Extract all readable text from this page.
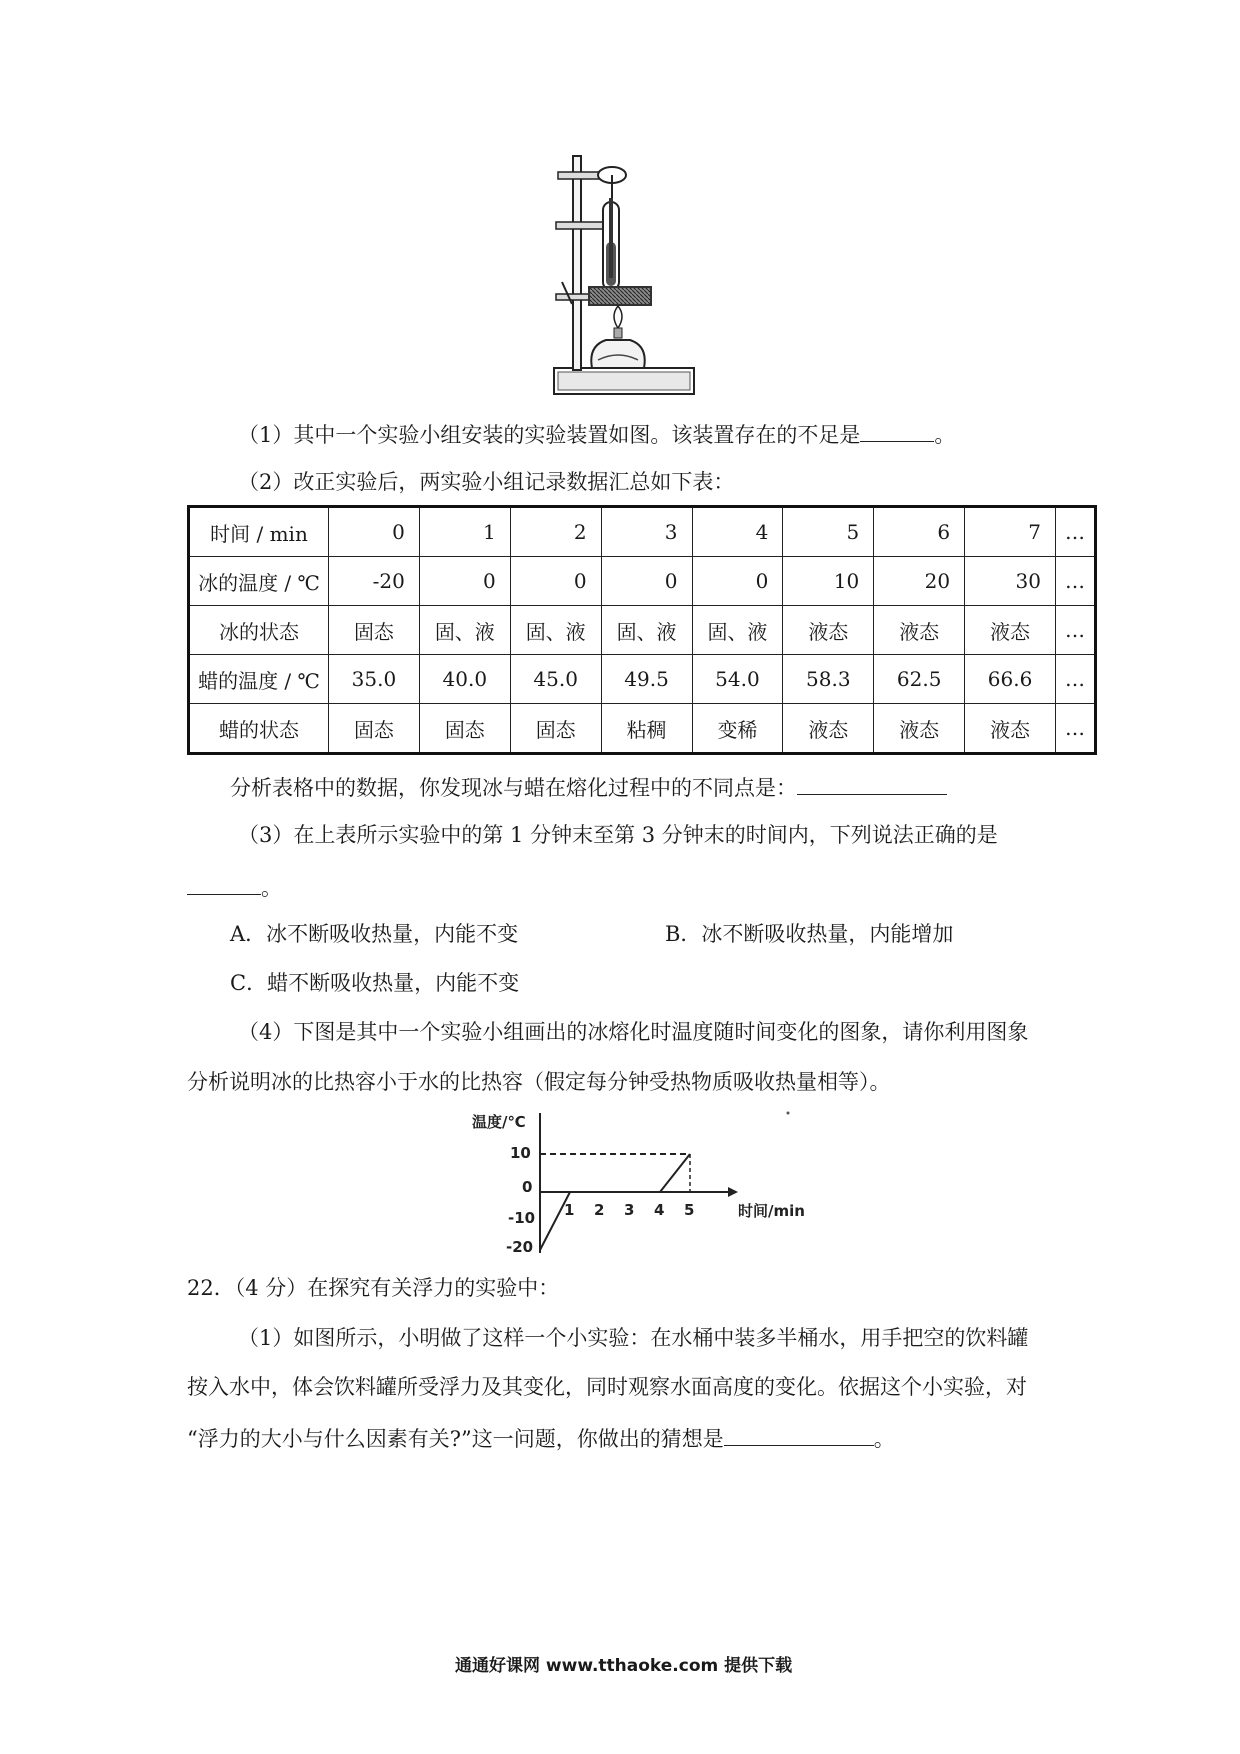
（1）其中一个实验小组安装的实验装置如图。该装置存在的不足是	。
（2）改正实验后，两实验小组记录数据汇总如下表：
时间 / min	0	1	2	3	4	5	6	7	…
冰的温度 / ℃	-20	0	0	0	0	10	20	30	…
冰的状态	固态	固、液	固、液	固、液	固、液	液态	液态	液态	…
蜡的温度 / ℃	35.0	40.0	45.0	49.5	54.0	58.3	62.5	66.6	…
蜡的状态	固态	固态	固态	粘稠	变稀	液态	液态	液态	…
分析表格中的数据，你发现冰与蜡在熔化过程中的不同点是：
（3）在上表所示实验中的第 1 分钟末至第 3 分钟末的时间内，下列说法正确的是
。
A．冰不断吸收热量，内能不变	B．冰不断吸收热量，内能增加
C．蜡不断吸收热量，内能不变
（4）下图是其中一个实验小组画出的冰熔化时温度随时间变化的图象，请你利用图象
分析说明冰的比热容小于水的比热容（假定每分钟受热物质吸收热量相等）。
温度/℃
10
0
-10
-20
1 2 3 4 5	时间/min
22．（4 分）在探究有关浮力的实验中：
（1）如图所示，小明做了这样一个小实验：在水桶中装多半桶水，用手把空的饮料罐
按入水中，体会饮料罐所受浮力及其变化，同时观察水面高度的变化。依据这个小实验，对
“浮力的大小与什么因素有关?”这一问题，你做出的猜想是	。
通通好课网 www.tthaoke.com 提供下载
